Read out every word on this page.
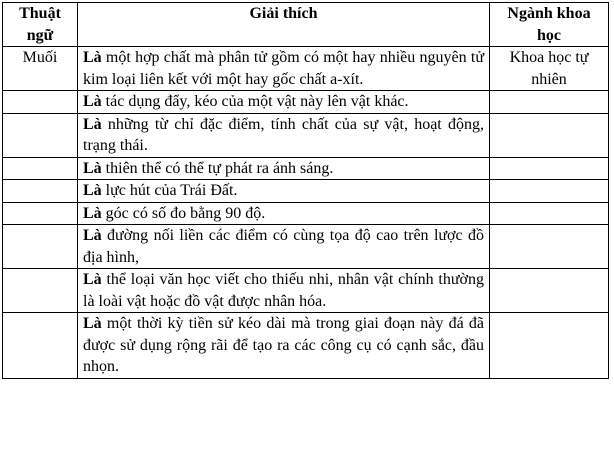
Thuật ngữ	Giải thích	Ngành khoa học
Muối	Là một hợp chất mà phân tử gồm có một hay nhiều nguyên tử kim loại liên kết với một hay gốc chất a-xít.	Khoa học tự nhiên
	Là tác dụng đẩy, kéo của một vật này lên vật khác.	
	Là những từ chỉ đặc điểm, tính chất của sự vật, hoạt động, trạng thái.	
	Là thiên thể có thể tự phát ra ánh sáng.	
	Là lực hút của Trái Đất.	
	Là góc có số đo bằng 90 độ.	
	Là đường nối liền các điểm có cùng tọa độ cao trên lược đồ địa hình,	
	Là thể loại văn học viết cho thiếu nhi, nhân vật chính thường là loài vật hoặc đồ vật được nhân hóa.	
	Là một thời kỳ tiền sử kéo dài mà trong giai đoạn này đá đã được sử dụng rộng rãi để tạo ra các công cụ có cạnh sắc, đầu nhọn.	
